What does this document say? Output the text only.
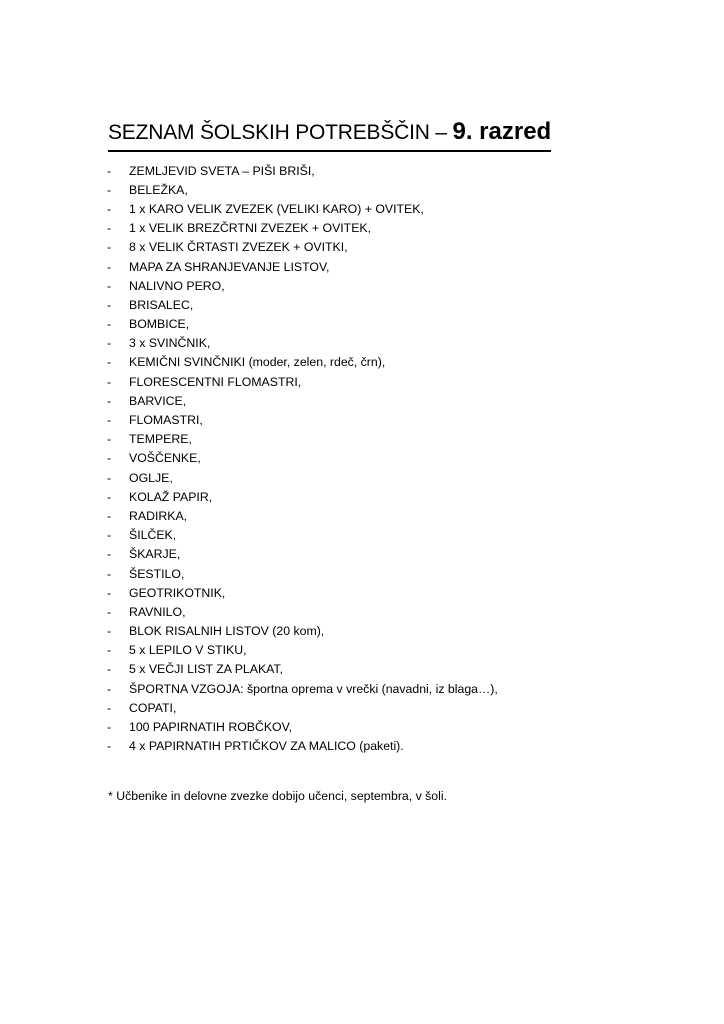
SEZNAM ŠOLSKIH POTREBŠČIN – 9. razred
-	ZEMLJEVID SVETA – PIŠI BRIŠI,
-	BELEŽKA,
-	1 x KARO VELIK ZVEZEK (VELIKI KARO) + OVITEK,
-	1 x VELIK BREZČRTNI ZVEZEK + OVITEK,
-	8 x VELIK ČRTASTI ZVEZEK + OVITKI,
-	MAPA ZA SHRANJEVANJE LISTOV,
-	NALIVNO PERO,
-	BRISALEC,
-	BOMBICE,
-	3 x SVINČNIK,
-	KEMIČNI SVINČNIKI (moder, zelen, rdeč, črn),
-	FLORESCENTNI FLOMASTRI,
-	BARVICE,
-	FLOMASTRI,
-	TEMPERE,
-	VOŠČENKE,
-	OGLJE,
-	KOLAŽ PAPIR,
-	RADIRKA,
-	ŠILČEK,
-	ŠKARJE,
-	ŠESTILO,
-	GEOTRIKOTNIK,
-	RAVNILO,
-	BLOK RISALNIH LISTOV (20 kom),
-	5 x LEPILO V STIKU,
-	5 x VEČJI LIST ZA PLAKAT,
-	ŠPORTNA VZGOJA: športna oprema v vrečki (navadni, iz blaga…),
-	COPATI,
-	100 PAPIRNATIH ROBČKOV,
-	4 x PAPIRNATIH PRTIČKOV ZA MALICO (paketi).
* Učbenike in delovne zvezke dobijo učenci, septembra, v šoli.
